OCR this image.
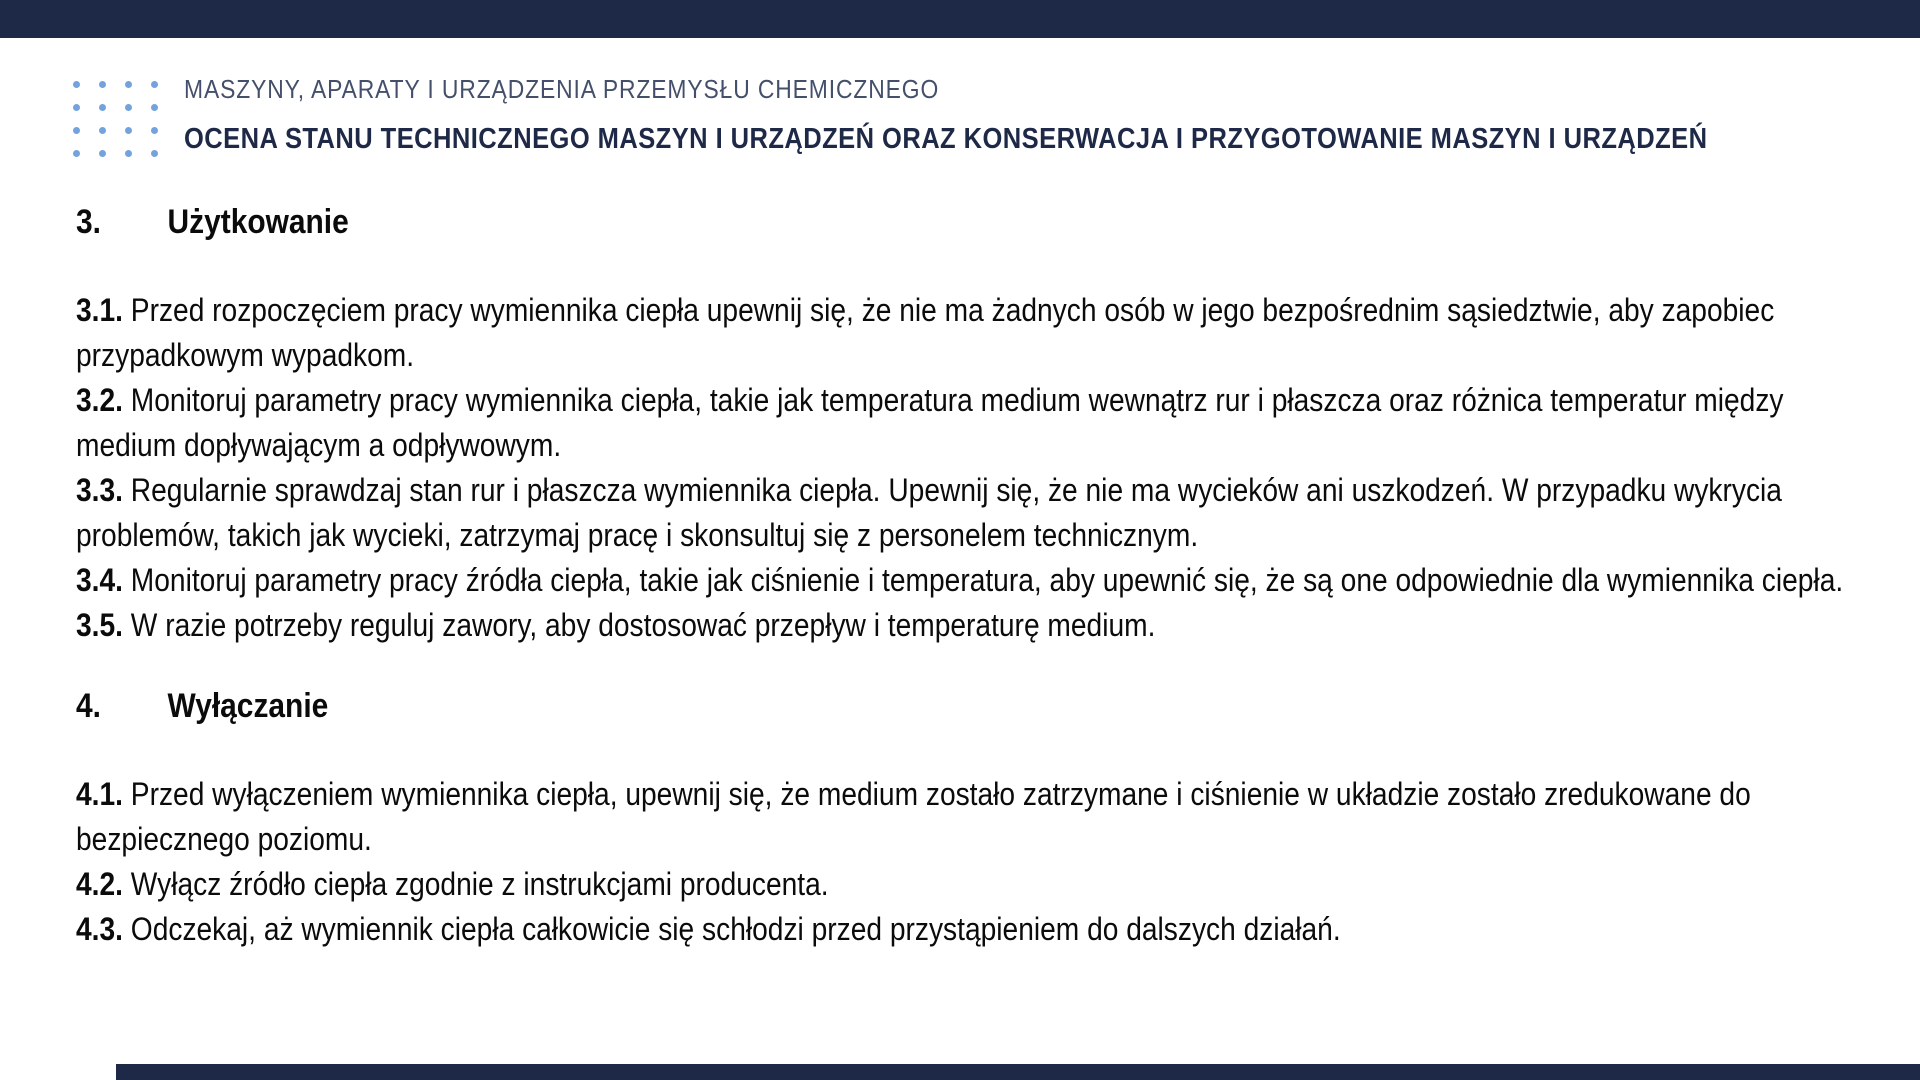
MASZYNY, APARATY I URZĄDZENIA PRZEMYSŁU CHEMICZNEGO
OCENA STANU TECHNICZNEGO MASZYN I URZĄDZEŃ ORAZ KONSERWACJA I PRZYGOTOWANIE MASZYN I URZĄDZEŃ
3. Użytkowanie

3.1. Przed rozpoczęciem pracy wymiennika ciepła upewnij się, że nie ma żadnych osób w jego bezpośrednim sąsiedztwie, aby zapobiec przypadkowym wypadkom.

3.2. Monitoruj parametry pracy wymiennika ciepła, takie jak temperatura medium wewnątrz rur i płaszcza oraz różnica temperatur między medium dopływającym a odpływowym.

3.3. Regularnie sprawdzaj stan rur i płaszcza wymiennika ciepła. Upewnij się, że nie ma wycieków ani uszkodzeń. W przypadku wykrycia problemów, takich jak wycieki, zatrzymaj pracę i skonsultuj się z personelem technicznym.

3.4. Monitoruj parametry pracy źródła ciepła, takie jak ciśnienie i temperatura, aby upewnić się, że są one odpowiednie dla wymiennika ciepła.

3.5. W razie potrzeby reguluj zawory, aby dostosować przepływ i temperaturę medium.

4. Wyłączanie

4.1. Przed wyłączeniem wymiennika ciepła, upewnij się, że medium zostało zatrzymane i ciśnienie w układzie zostało zredukowane do bezpiecznego poziomu.

4.2. Wyłącz źródło ciepła zgodnie z instrukcjami producenta.

4.3. Odczekaj, aż wymiennik ciepła całkowicie się schłodzi przed przystąpieniem do dalszych działań.
